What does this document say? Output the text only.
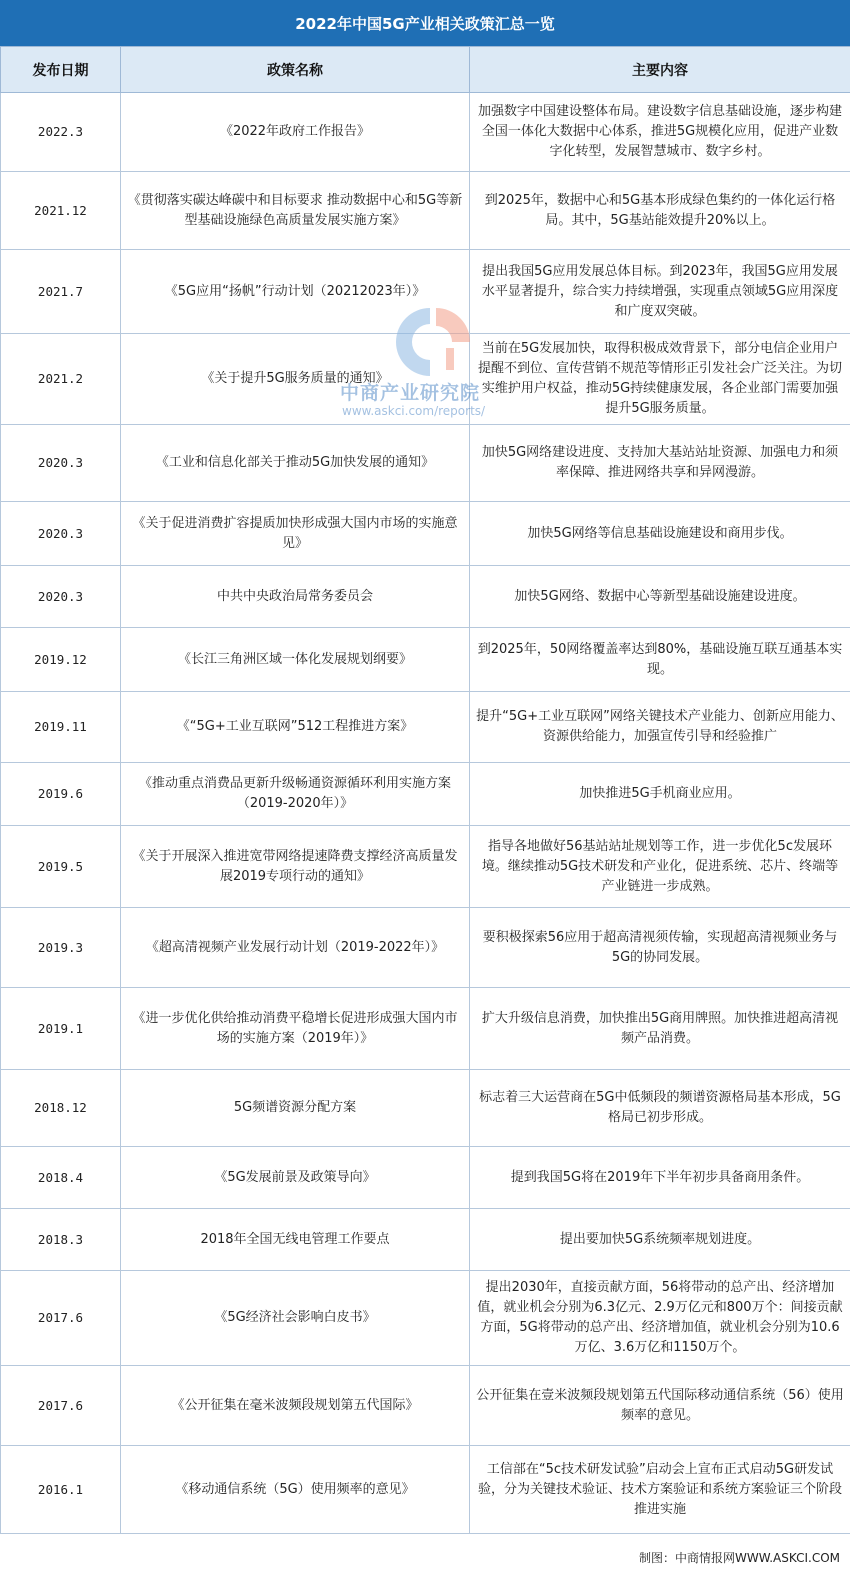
2022年中国5G产业相关政策汇总一览
发布日期	政策名称	主要内容
2022.3	《2022年政府工作报告》	加强数字中国建设整体布局。建设数字信息基础设施，逐步构建全国一体化大数据中心体系，推进5G规模化应用，促进产业数字化转型，发展智慧城市、数字乡村。
2021.12	《贯彻落实碳达峰碳中和目标要求 推动数据中心和5G等新型基础设施绿色高质量发展实施方案》	到2025年，数据中心和5G基本形成绿色集约的一体化运行格局。其中，5G基站能效提升20%以上。
2021.7	《5G应用“扬帆”行动计划（20212023年）》	提出我国5G应用发展总体目标。到2023年，我国5G应用发展水平显著提升，综合实力持续增强，实现重点领域5G应用深度和广度双突破。
2021.2	《关于提升5G服务质量的通知》	当前在5G发展加快，取得积极成效背景下，部分电信企业用户提醒不到位、宣传营销不规范等情形正引发社会广泛关注。为切实维护用户权益，推动5G持续健康发展，各企业部门需要加强提升5G服务质量。
2020.3	《工业和信息化部关于推动5G加快发展的通知》	加快5G网络建设进度、支持加大基站站址资源、加强电力和须率保障、推进网络共享和异网漫游。
2020.3	《关于促进消费扩容提质加快形成强大国内市场的实施意见》	加快5G网络等信息基础设施建设和商用步伐。
2020.3	中共中央政治局常务委员会	加快5G网络、数据中心等新型基础设施建设进度。
2019.12	《长江三角洲区域一体化发展规划纲要》	到2025年，50网络覆盖率达到80%，基础设施互联互通基本实现。
2019.11	《“5G+工业互联网”512工程推进方案》	提升“5G+工业互联网”网络关键技术产业能力、创新应用能力、资源供给能力，加强宣传引导和经验推广
2019.6	《推动重点消费品更新升级畅通资源循环利用实施方案（2019-2020年）》	加快推进5G手机商业应用。
2019.5	《关于开展深入推进宽带网络提速降费支撑经济高质量发展2019专项行动的通知》	指导各地做好56基站站址规划等工作，进一步优化5c发展环境。继续推动5G技术研发和产业化，促进系统、芯片、终端等产业链进一步成熟。
2019.3	《超高清视频产业发展行动计划（2019-2022年）》	要积极探索56应用于超高清视须传输，实现超高清视频业务与5G的协同发展。
2019.1	《进一步优化供给推动消费平稳增长促进形成强大国内市场的实施方案（2019年）》	扩大升级信息消费，加快推出5G商用牌照。加快推进超高清视频产品消费。
2018.12	5G频谱资源分配方案	标志着三大运营商在5G中低频段的频谱资源格局基本形成，5G格局已初步形成。
2018.4	《5G发展前景及政策导向》	提到我国5G将在2019年下半年初步具备商用条件。
2018.3	2018年全国无线电管理工作要点	提出要加快5G系统频率规划进度。
2017.6	《5G经济社会影响白皮书》	提出2030年，直接贡献方面，56将带动的总产出、经济增加值，就业机会分别为6.3亿元、2.9万亿元和800万个：间接贡献方面，5G将带动的总产出、经济增加值，就业机会分别为10.6万亿、3.6万亿和1150万个。
2017.6	《公开征集在毫米波频段规划第五代国际》	公开征集在壹米波频段规划第五代国际移动通信系统（56）使用频率的意见。
2016.1	《移动通信系统（5G）使用频率的意见》	工信部在“5c技术研发试验”启动会上宣布正式启动5G研发试验，分为关键技术验证、技术方案验证和系统方案验证三个阶段推进实施
中商产业研究院
www.askci.com/reports/
制图：中商情报网WWW.ASKCI.COM
